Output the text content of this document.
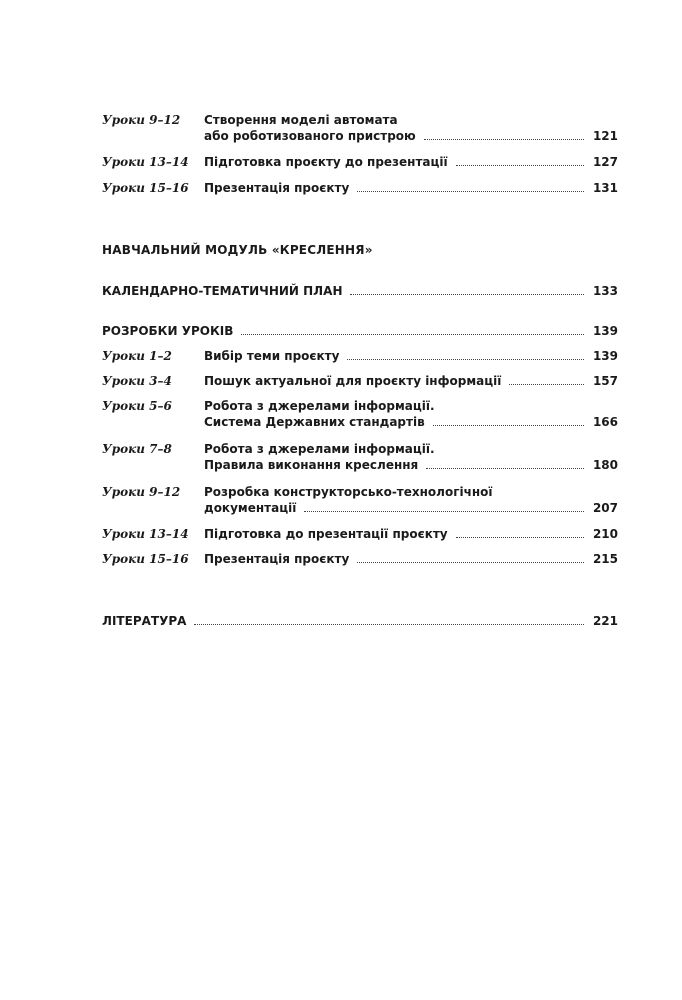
Уроки 9–12 Створення моделі автомата
або роботизованого пристрою	121
Уроки 13–14 Підготовка проєкту до презентації	127
Уроки 15–16 Презентація проєкту	131
НАВЧАЛЬНИЙ МОДУЛЬ «КРЕСЛЕННЯ»
КАЛЕНДАРНО-ТЕМАТИЧНИЙ ПЛАН	133
РОЗРОБКИ УРОКІВ	139
Уроки 1–2	Вибір теми проєкту	139
Уроки 3–4	Пошук актуальної для проєкту інформації	157
Уроки 5–6	Робота з джерелами інформації.
Система Державних стандартів	166
Уроки 7–8	Робота з джерелами інформації.
Правила виконання креслення	180
Уроки 9–12 Розробка конструкторсько-технологічної
документації	207
Уроки 13–14 Підготовка до презентації проєкту	210
Уроки 15–16 Презентація проєкту	215
ЛІТЕРАТУРА	221
